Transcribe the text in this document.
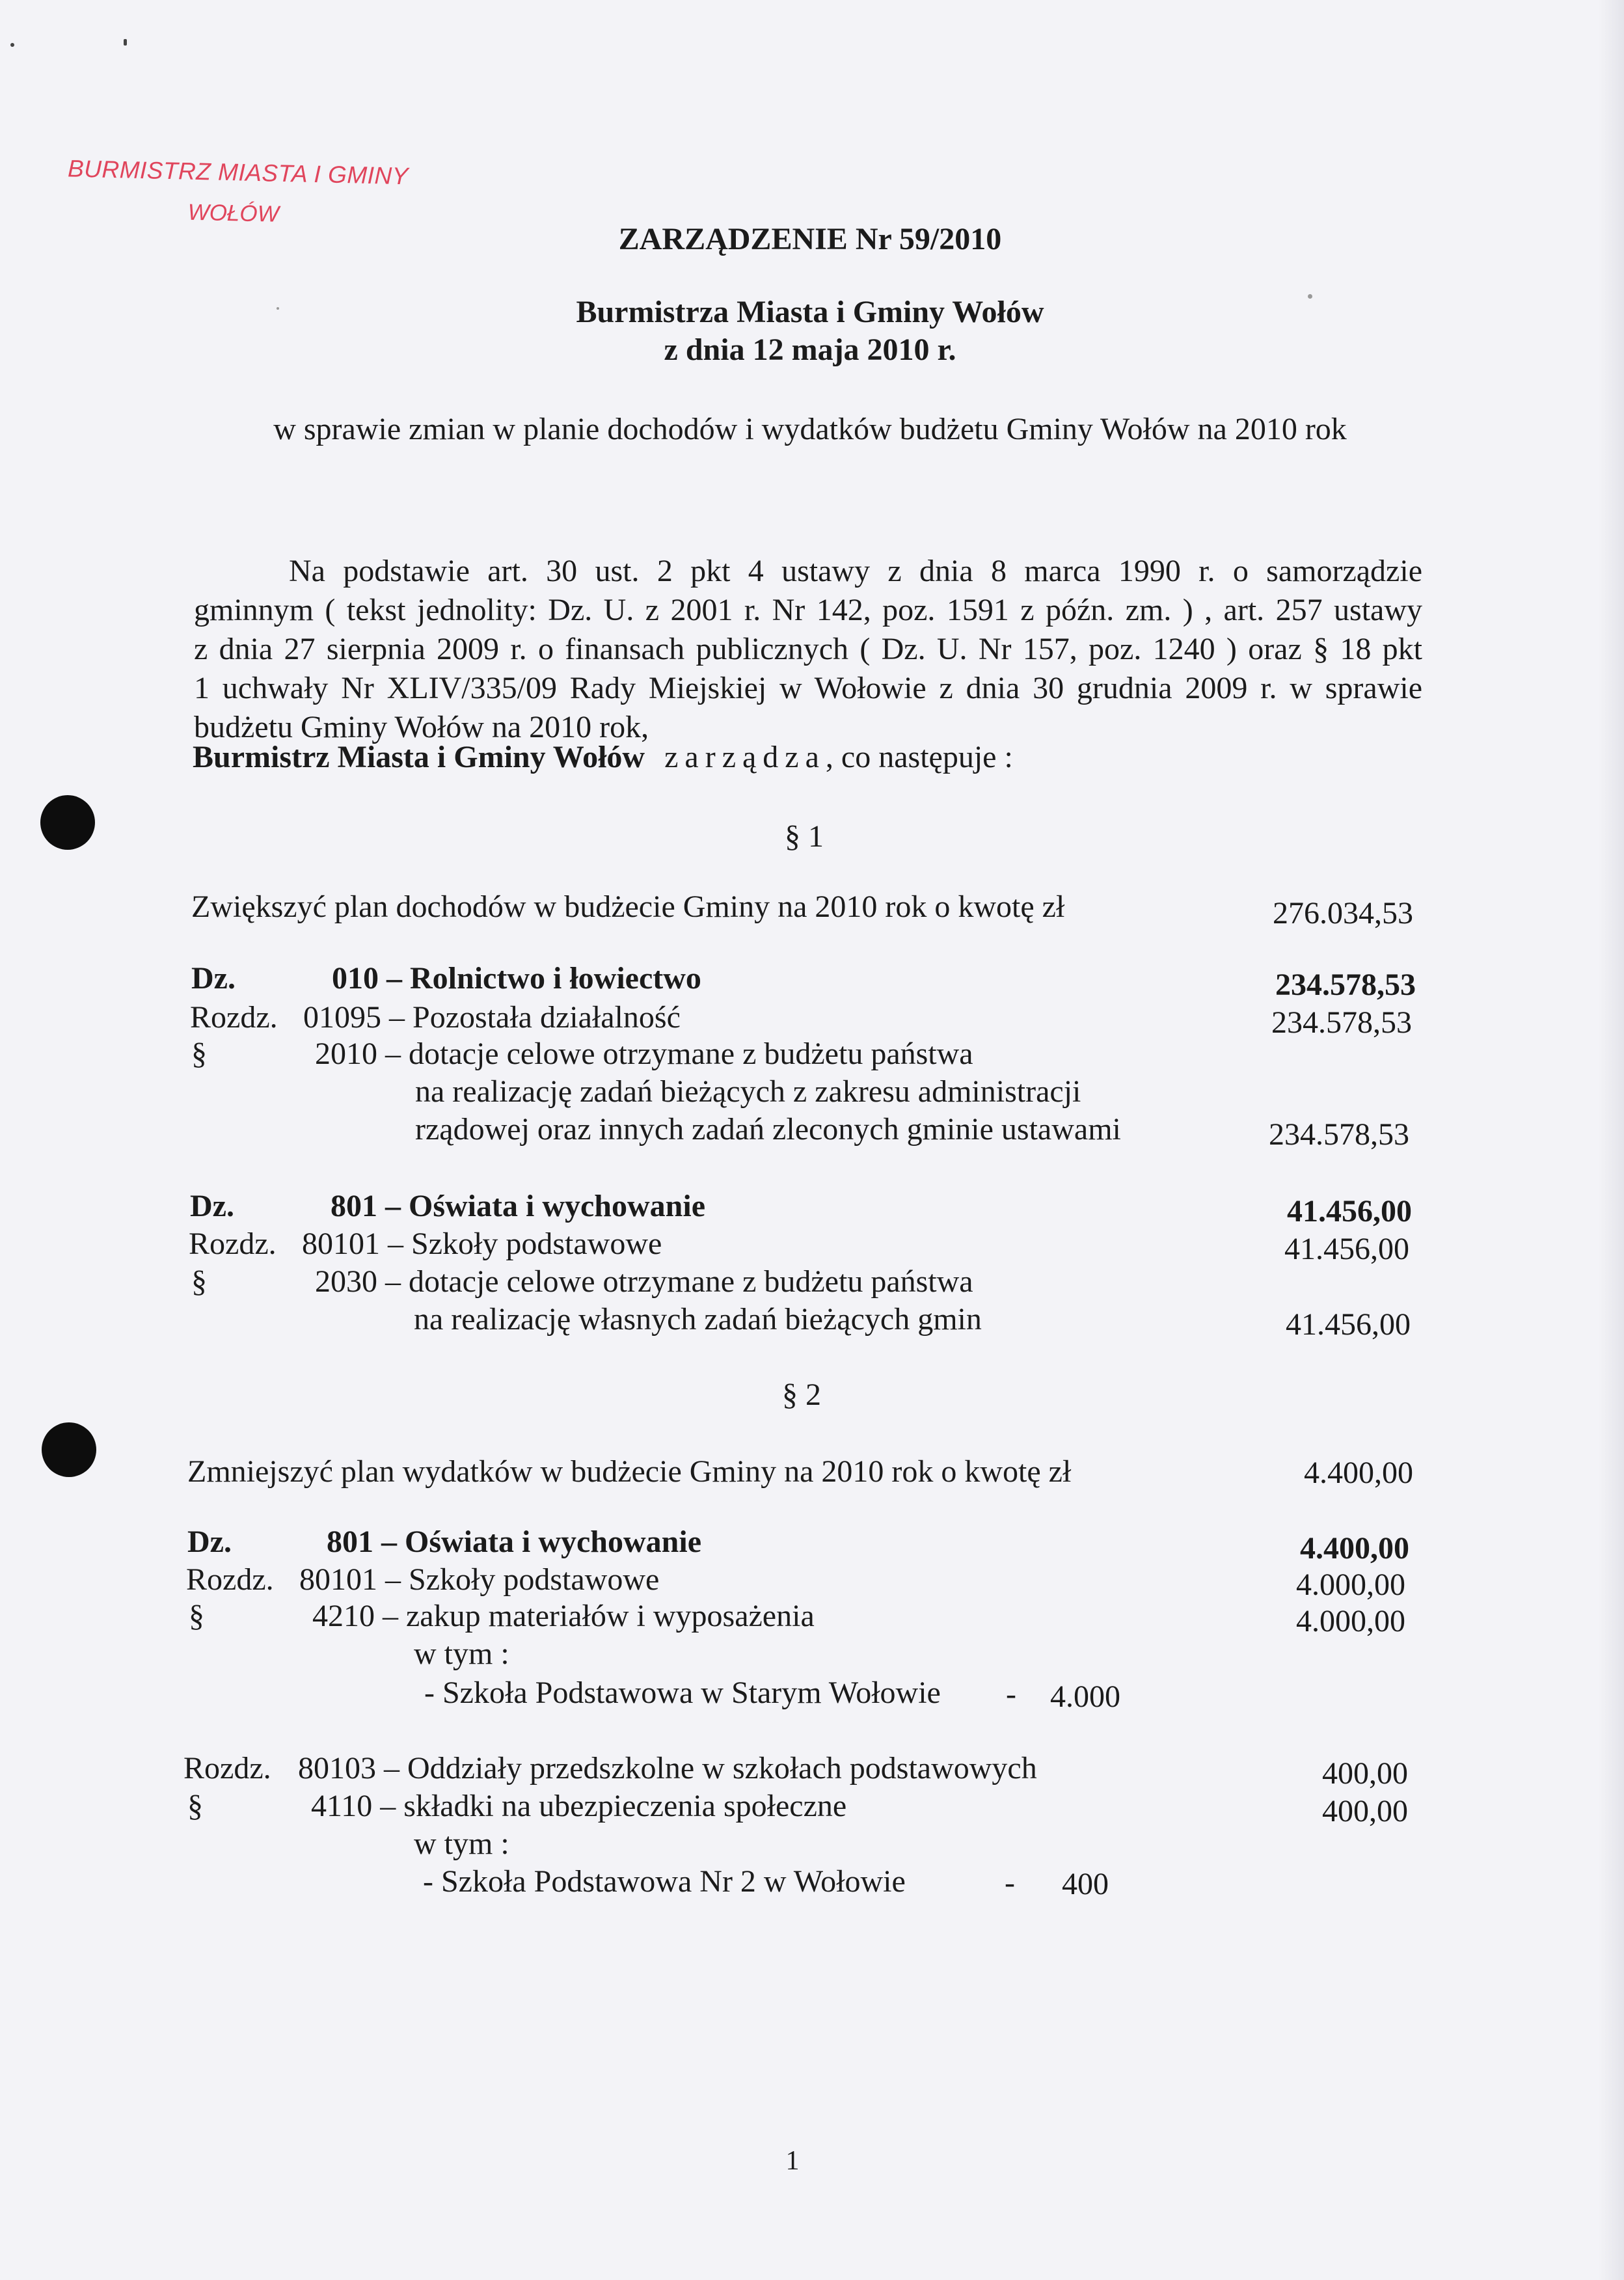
BURMISTRZ MIASTA I GMINY
WOŁÓW
ZARZĄDZENIE Nr 59/2010
Burmistrza Miasta i Gminy Wołów
z dnia 12 maja 2010 r.
w sprawie zmian w planie dochodów i wydatków budżetu Gminy Wołów na 2010 rok
Na podstawie art. 30 ust. 2 pkt 4 ustawy z dnia 8 marca 1990 r. o samorządzie
gminnym ( tekst jednolity: Dz. U. z 2001 r. Nr 142, poz. 1591 z późn. zm. ) , art. 257 ustawy
z dnia 27 sierpnia 2009 r. o finansach publicznych ( Dz. U. Nr 157, poz. 1240 ) oraz § 18 pkt
1 uchwały Nr XLIV/335/09 Rady Miejskiej w Wołowie z dnia 30 grudnia 2009 r. w sprawie
budżetu Gminy Wołów na 2010 rok,
Burmistrz Miasta i Gminy Wołów zarządza, co następuje :
§ 1
Zwiększyć plan dochodów w budżecie Gminy na 2010 rok o kwotę zł	276.034,53
Dz.	010 – Rolnictwo i łowiectwo	234.578,53
Rozdz. 01095 – Pozostała działalność	234.578,53
§	2010 – dotacje celowe otrzymane z budżetu państwa
na realizację zadań bieżących z zakresu administracji
rządowej oraz innych zadań zleconych gminie ustawami	234.578,53
Dz.	801 – Oświata i wychowanie	41.456,00
Rozdz. 80101 – Szkoły podstawowe	41.456,00
§	2030 – dotacje celowe otrzymane z budżetu państwa
na realizację własnych zadań bieżących gmin	41.456,00
§ 2
Zmniejszyć plan wydatków w budżecie Gminy na 2010 rok o kwotę zł	4.400,00
Dz.	801 – Oświata i wychowanie	4.400,00
Rozdz. 80101 – Szkoły podstawowe	4.000,00
§	4210 – zakup materiałów i wyposażenia	4.000,00
w tym :
- Szkoła Podstawowa w Starym Wołowie - 4.000
Rozdz. 80103 – Oddziały przedszkolne w szkołach podstawowych	400,00
§	4110 – składki na ubezpieczenia społeczne	400,00
w tym :
- Szkoła Podstawowa Nr 2 w Wołowie	- 400
1
